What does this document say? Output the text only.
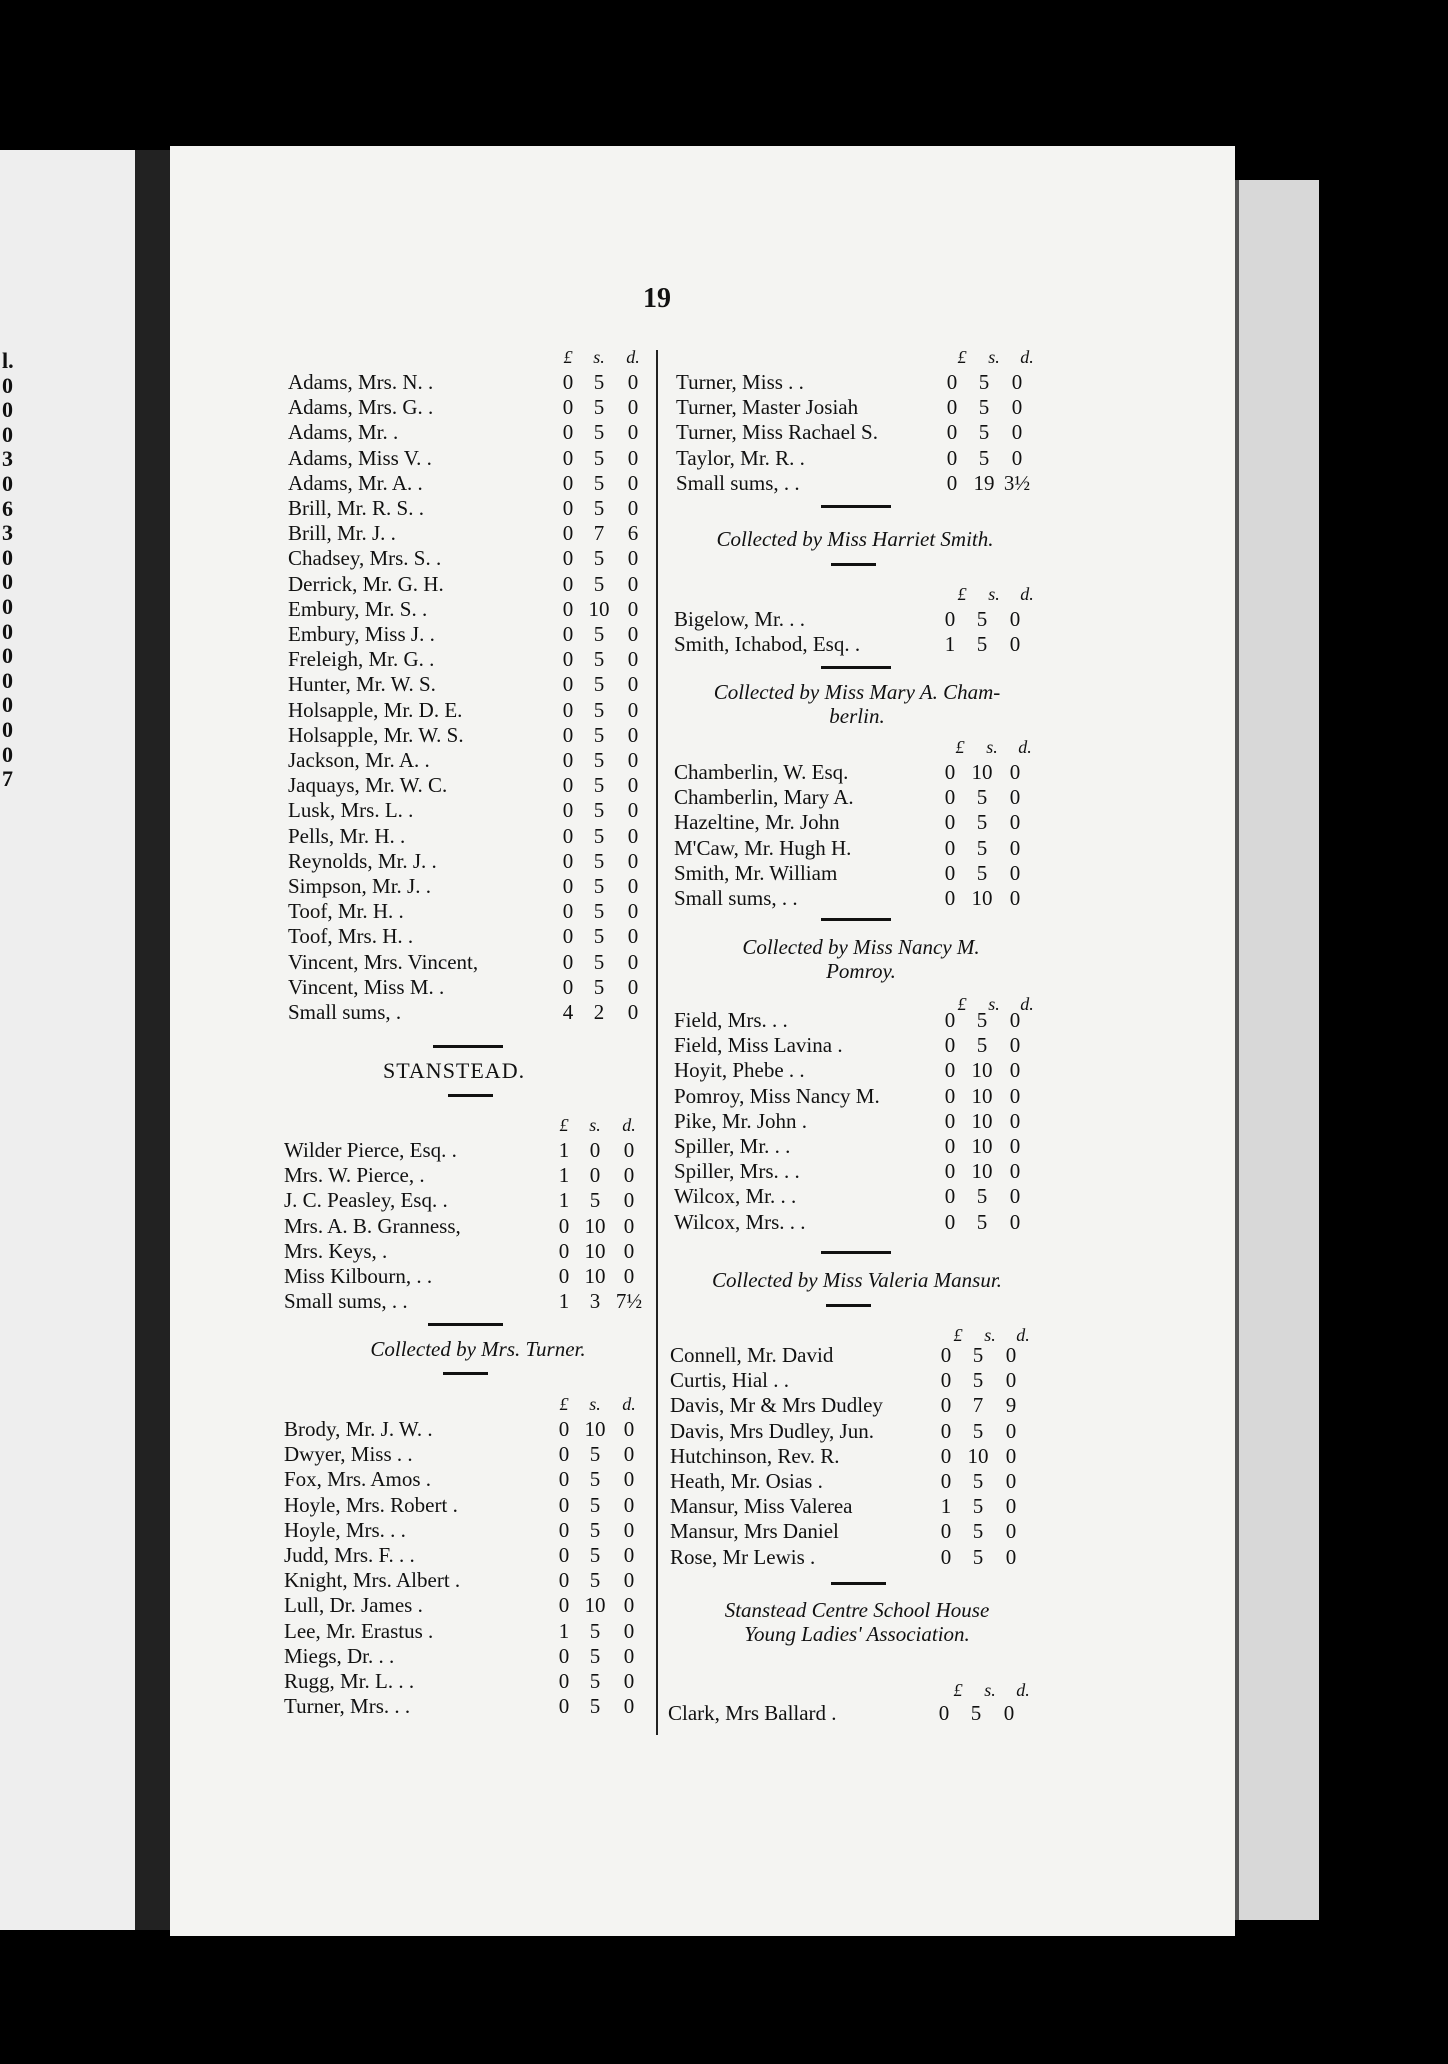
l.
0
0
0
3
0
6
3
0
0
0
0
0
0
0
0
0
7
19
£	s.	d.
Adams, Mrs. N. .	0 5	0
Adams, Mrs. G. .	0 5	0
Adams, Mr. .	0 5	0
Adams, Miss V. .	0 5	0
Adams, Mr. A. .	0 5	0
Brill, Mr. R. S. .	0 5	0
Brill, Mr. J. .	0 7	6
Chadsey, Mrs. S. .	0 5	0
Derrick, Mr. G. H.	0 5	0
Embury, Mr. S. .	0 10 0
Embury, Miss J. .	0 5	0
Freleigh, Mr. G. .	0 5	0
Hunter, Mr. W. S.	0 5	0
Holsapple, Mr. D. E.	0 5	0
Holsapple, Mr. W. S.	0 5	0
Jackson, Mr. A. .	0 5	0
Jaquays, Mr. W. C.	0 5	0
Lusk, Mrs. L. .	0 5	0
Pells, Mr. H. .	0 5	0
Reynolds, Mr. J. .	0 5	0
Simpson, Mr. J. .	0 5	0
Toof, Mr. H. .	0 5	0
Toof, Mrs. H. .	0 5	0
Vincent, Mrs. Vincent,	0 5	0
Vincent, Miss M. .	0 5	0
Small sums, .	4 2	0
STANSTEAD.
£	s.	d.
Wilder Pierce, Esq. .	1 0	0
Mrs. W. Pierce, .	1 0	0
J. C. Peasley, Esq. .	1 5	0
Mrs. A. B. Granness,	0 10 0
Mrs. Keys, .	0 10 0
Miss Kilbourn, . .	0 10 0
Small sums, . .	1 3 7½
Collected by Mrs. Turner.
£	s.	d.
Brody, Mr. J. W. .	0 10 0
Dwyer, Miss . .	0 5	0
Fox, Mrs. Amos .	0 5	0
Hoyle, Mrs. Robert .	0 5	0
Hoyle, Mrs. . .	0 5	0
Judd, Mrs. F. . .	0 5	0
Knight, Mrs. Albert .	0 5	0
Lull, Dr. James .	0 10 0
Lee, Mr. Erastus .	1 5	0
Miegs, Dr. . .	0 5	0
Rugg, Mr. L. . .	0 5	0
Turner, Mrs. . .	0 5	0
£	s.	d.
Turner, Miss . .	0	5	0
Turner, Master Josiah	0	5	0
Turner, Miss Rachael S.	0	5	0
Taylor, Mr. R. .	0	5	0
Small sums, . .	0 19 3½
Collected by Miss Harriet Smith.
£	s.	d.
Bigelow, Mr. . .	0	5	0
Smith, Ichabod, Esq. .	1	5	0
Collected by Miss Mary A. Cham-
berlin.
£	s.	d.
Chamberlin, W. Esq.	0 10 0
Chamberlin, Mary A.	0	5	0
Hazeltine, Mr. John	0	5	0
M'Caw, Mr. Hugh H.	0	5	0
Smith, Mr. William	0	5	0
Small sums, . .	0 10 0
Collected by Miss Nancy M.
Pomroy.
£	s.	d.
Field, Mrs. . .	0	5	0
Field, Miss Lavina .	0	5	0
Hoyit, Phebe . .	0 10 0
Pomroy, Miss Nancy M.	0 10 0
Pike, Mr. John .	0 10 0
Spiller, Mr. . .	0 10 0
Spiller, Mrs. . .	0 10 0
Wilcox, Mr. . .	0	5	0
Wilcox, Mrs. . .	0	5	0
Collected by Miss Valeria Mansur.
£	s.	d.
Connell, Mr. David	0	5	0
Curtis, Hial . .	0	5	0
Davis, Mr & Mrs Dudley	0	7	9
Davis, Mrs Dudley, Jun.	0	5	0
Hutchinson, Rev. R.	0 10 0
Heath, Mr. Osias .	0	5	0
Mansur, Miss Valerea	1	5	0
Mansur, Mrs Daniel	0	5	0
Rose, Mr Lewis .	0	5	0
Stanstead Centre School House
Young Ladies' Association.
£	s.	d.
Clark, Mrs Ballard .	0	5	0
